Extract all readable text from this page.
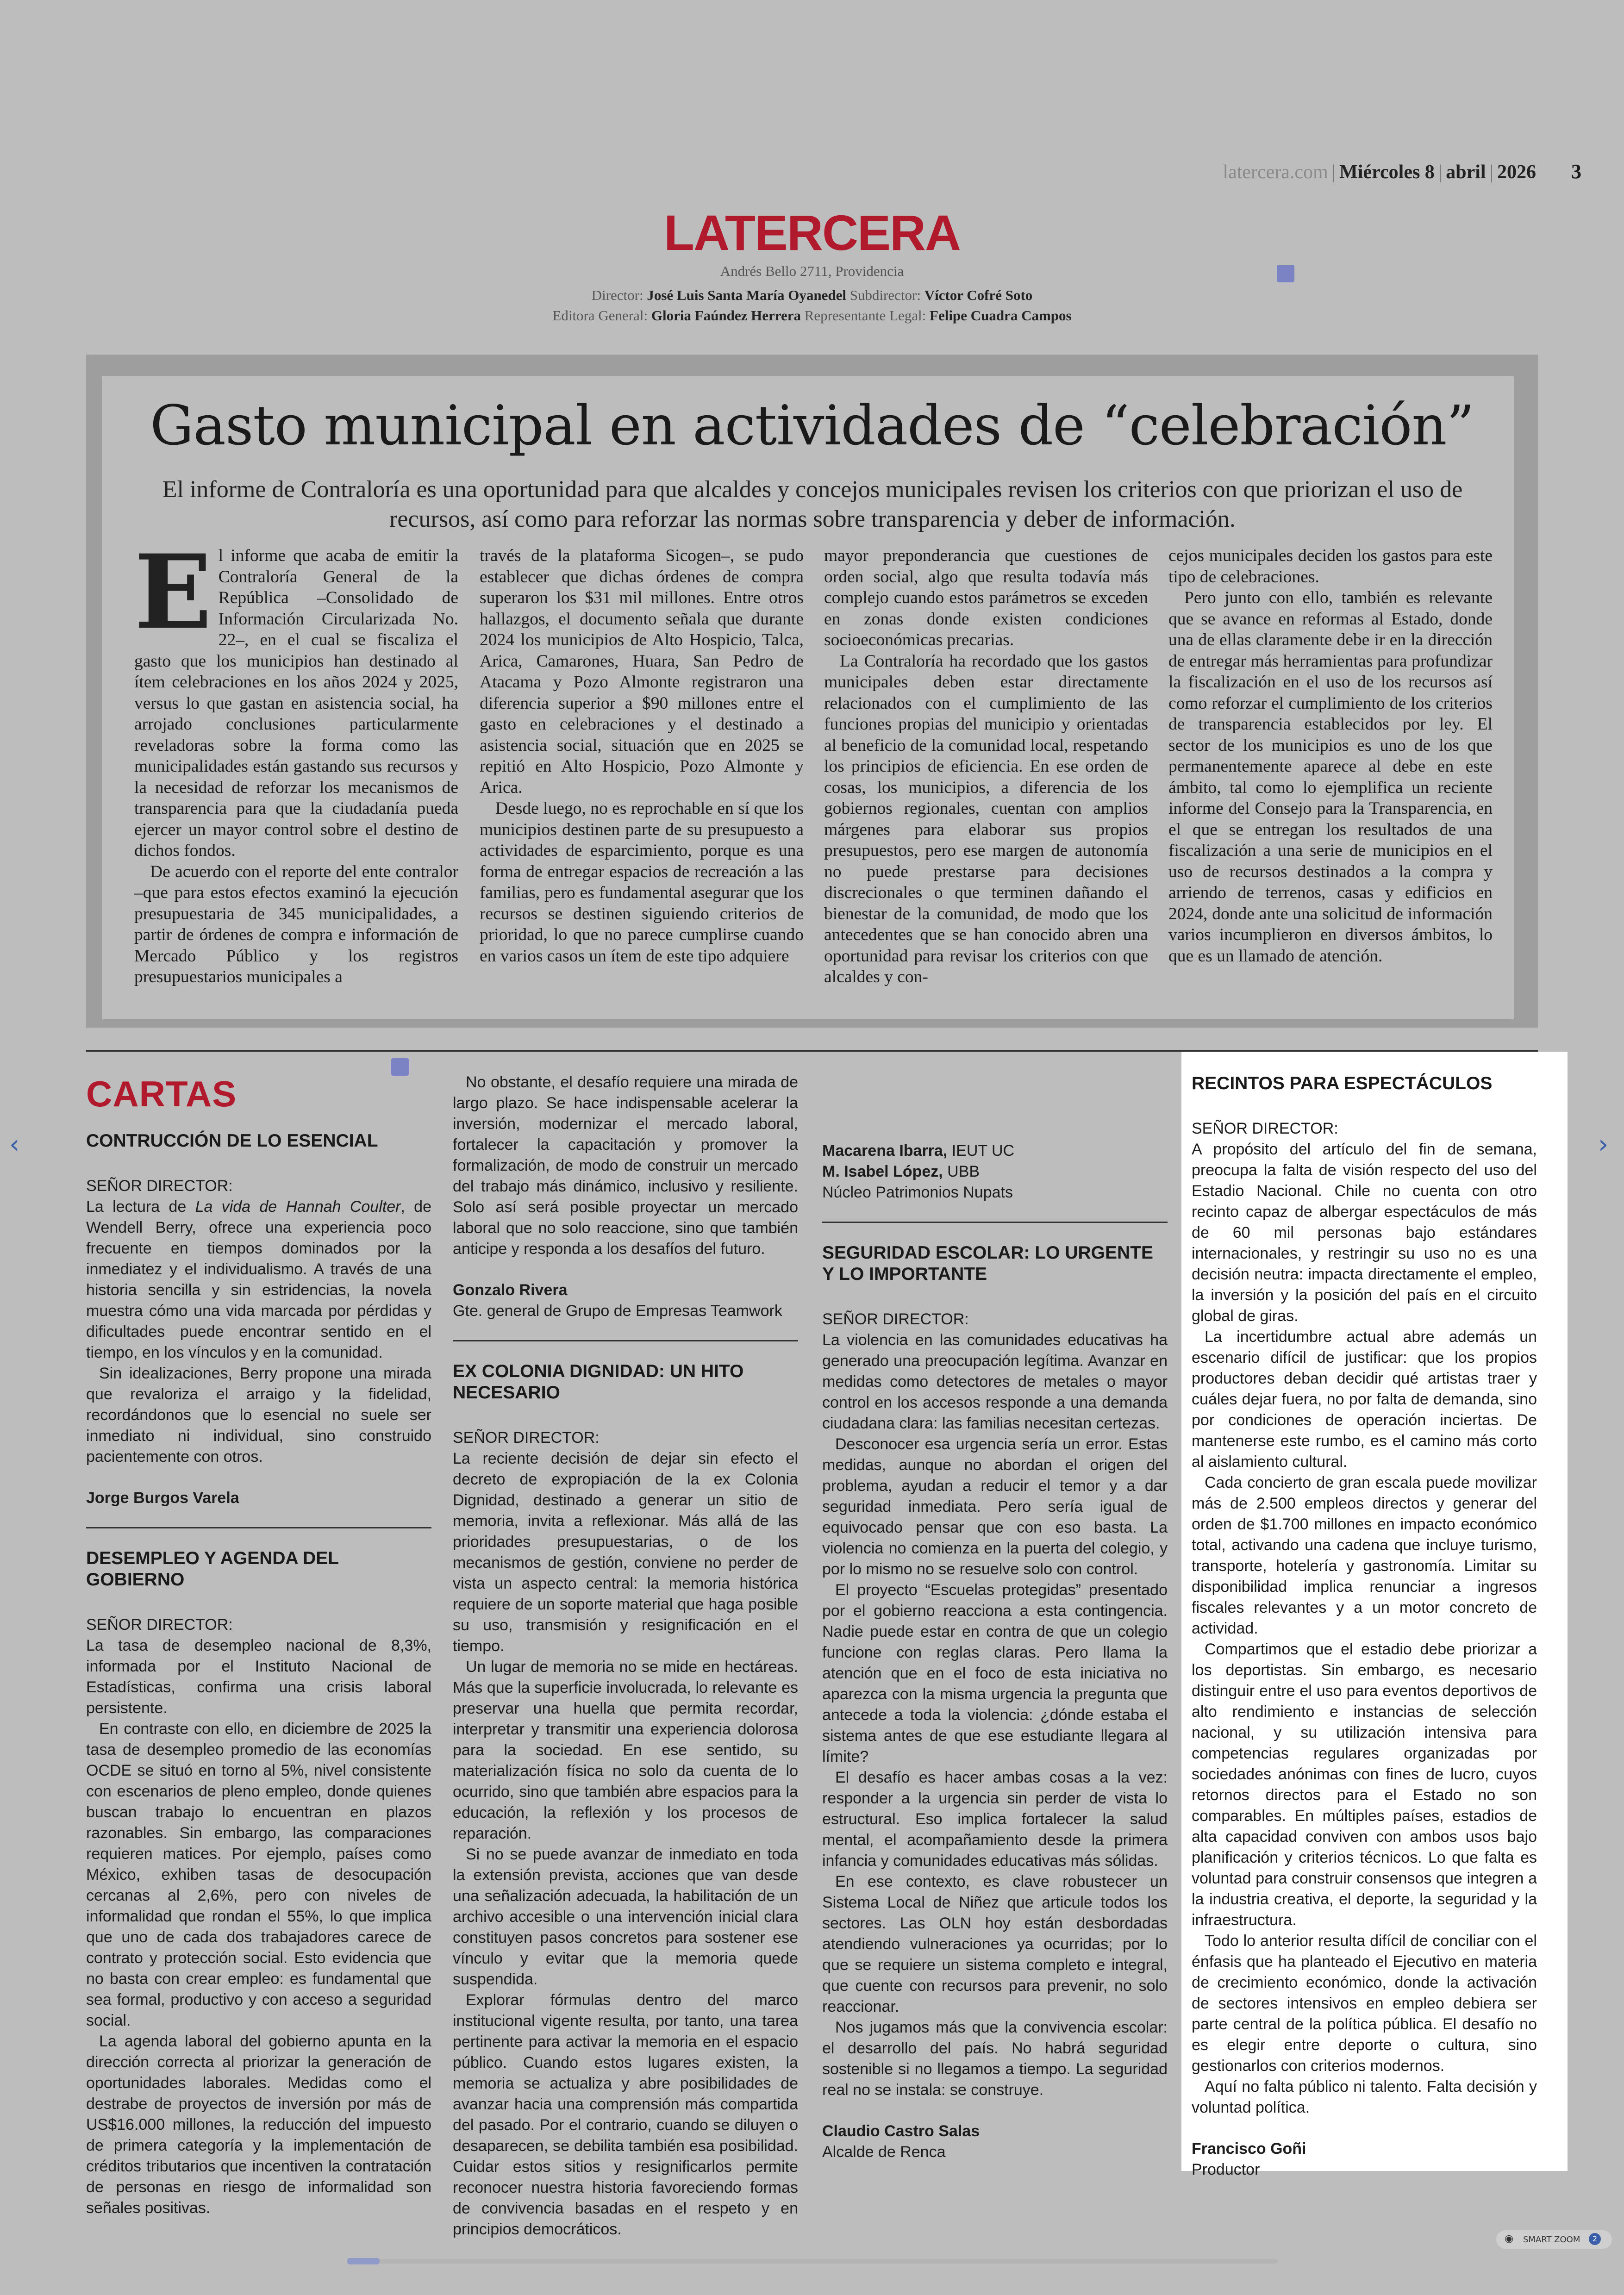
latercera.com | Miércoles 8 | abril | 2026 3
LATERCERA
Andrés Bello 2711, Providencia
Director: José Luis Santa María Oyanedel Subdirector: Víctor Cofré Soto
Editora General: Gloria Faúndez Herrera Representante Legal: Felipe Cuadra Campos
Gasto municipal en actividades de “celebración”
El informe de Contraloría es una oportunidad para que alcaldes y concejos municipales revisen los criterios con que priorizan el uso de recursos, así como para reforzar las normas sobre transparencia y deber de información.

El informe que acaba de emitir la Contraloría General de la República –Consolidado de Información Circularizada No. 22–, en el cual se fiscaliza el gasto que los municipios han destinado al ítem celebraciones en los años 2024 y 2025, versus lo que gastan en asistencia social, ha arrojado conclusiones particularmente reveladoras sobre la forma como las municipalidades están gastando sus recursos y la necesidad de reforzar los mecanismos de transparencia para que la ciudadanía pueda ejercer un mayor control sobre el destino de dichos fondos.

De acuerdo con el reporte del ente contralor –que para estos efectos examinó la ejecución presupuestaria de 345 municipalidades, a partir de órdenes de compra e información de Mercado Público y los registros presupuestarios municipales a

través de la plataforma Sicogen–, se pudo establecer que dichas órdenes de compra superaron los $31 mil millones. Entre otros hallazgos, el documento señala que durante 2024 los municipios de Alto Hospicio, Talca, Arica, Camarones, Huara, San Pedro de Atacama y Pozo Almonte registraron una diferencia superior a $90 millones entre el gasto en celebraciones y el destinado a asistencia social, situación que en 2025 se repitió en Alto Hospicio, Pozo Almonte y Arica.

Desde luego, no es reprochable en sí que los municipios destinen parte de su presupuesto a actividades de esparcimiento, porque es una forma de entregar espacios de recreación a las familias, pero es fundamental asegurar que los recursos se destinen siguiendo criterios de prioridad, lo que no parece cumplirse cuando en varios casos un ítem de este tipo adquiere

mayor preponderancia que cuestiones de orden social, algo que resulta todavía más complejo cuando estos parámetros se exceden en zonas donde existen condiciones socioeconómicas precarias.

La Contraloría ha recordado que los gastos municipales deben estar directamente relacionados con el cumplimiento de las funciones propias del municipio y orientadas al beneficio de la comunidad local, respetando los principios de eficiencia. En ese orden de cosas, los municipios, a diferencia de los gobiernos regionales, cuentan con amplios márgenes para elaborar sus propios presupuestos, pero ese margen de autonomía no puede prestarse para decisiones discrecionales o que terminen dañando el bienestar de la comunidad, de modo que los antecedentes que se han conocido abren una oportunidad para revisar los criterios con que alcaldes y con-

cejos municipales deciden los gastos para este tipo de celebraciones.

Pero junto con ello, también es relevante que se avance en reformas al Estado, donde una de ellas claramente debe ir en la dirección de entregar más herramientas para profundizar la fiscalización en el uso de los recursos así como reforzar el cumplimiento de los criterios de transparencia establecidos por ley. El sector de los municipios es uno de los que permanentemente aparece al debe en este ámbito, tal como lo ejemplifica un reciente informe del Consejo para la Transparencia, en el que se entregan los resultados de una fiscalización a una serie de municipios en el uso de recursos destinados a la compra y arriendo de terrenos, casas y edificios en 2024, donde ante una solicitud de información varios incumplieron en diversos ámbitos, lo que es un llamado de atención.

CARTAS
CONTRUCCIÓN DE LO ESENCIAL
SEÑOR DIRECTOR:

La lectura de La vida de Hannah Coulter, de Wendell Berry, ofrece una experiencia poco frecuente en tiempos dominados por la inmediatez y el individualismo. A través de una historia sencilla y sin estridencias, la novela muestra cómo una vida marcada por pérdidas y dificultades puede encontrar sentido en el tiempo, en los vínculos y en la comunidad.

Sin idealizaciones, Berry propone una mirada que revaloriza el arraigo y la fidelidad, recordándonos que lo esencial no suele ser inmediato ni individual, sino construido pacientemente con otros.

Jorge Burgos Varela
DESEMPLEO Y AGENDA DEL GOBIERNO
SEÑOR DIRECTOR:

La tasa de desempleo nacional de 8,3%, informada por el Instituto Nacional de Estadísticas, confirma una crisis laboral persistente.

En contraste con ello, en diciembre de 2025 la tasa de desempleo promedio de las economías OCDE se situó en torno al 5%, nivel consistente con escenarios de pleno empleo, donde quienes buscan trabajo lo encuentran en plazos razonables. Sin embargo, las comparaciones requieren matices. Por ejemplo, países como México, exhiben tasas de desocupación cercanas al 2,6%, pero con niveles de informalidad que rondan el 55%, lo que implica que uno de cada dos trabajadores carece de contrato y protección social. Esto evidencia que no basta con crear empleo: es fundamental que sea formal, productivo y con acceso a seguridad social.

La agenda laboral del gobierno apunta en la dirección correcta al priorizar la generación de oportunidades laborales. Medidas como el destrabe de proyectos de inversión por más de US$16.000 millones, la reducción del impuesto de primera categoría y la implementación de créditos tributarios que incentiven la contratación de personas en riesgo de informalidad son señales positivas.

No obstante, el desafío requiere una mirada de largo plazo. Se hace indispensable acelerar la inversión, modernizar el mercado laboral, fortalecer la capacitación y promover la formalización, de modo de construir un mercado del trabajo más dinámico, inclusivo y resiliente. Solo así será posible proyectar un mercado laboral que no solo reaccione, sino que también anticipe y responda a los desafíos del futuro.

Gonzalo Rivera
Gte. general de Grupo de Empresas Teamwork
EX COLONIA DIGNIDAD: UN HITO NECESARIO
SEÑOR DIRECTOR:

La reciente decisión de dejar sin efecto el decreto de expropiación de la ex Colonia Dignidad, destinado a generar un sitio de memoria, invita a reflexionar. Más allá de las prioridades presupuestarias, o de los mecanismos de gestión, conviene no perder de vista un aspecto central: la memoria histórica requiere de un soporte material que haga posible su uso, transmisión y resignificación en el tiempo.

Un lugar de memoria no se mide en hectáreas. Más que la superficie involucrada, lo relevante es preservar una huella que permita recordar, interpretar y transmitir una experiencia dolorosa para la sociedad. En ese sentido, su materialización física no solo da cuenta de lo ocurrido, sino que también abre espacios para la educación, la reflexión y los procesos de reparación.

Si no se puede avanzar de inmediato en toda la extensión prevista, acciones que van desde una señalización adecuada, la habilitación de un archivo accesible o una intervención inicial clara constituyen pasos concretos para sostener ese vínculo y evitar que la memoria quede suspendida.

Explorar fórmulas dentro del marco institucional vigente resulta, por tanto, una tarea pertinente para activar la memoria en el espacio público. Cuando estos lugares existen, la memoria se actualiza y abre posibilidades de avanzar hacia una comprensión más compartida del pasado. Por el contrario, cuando se diluyen o desaparecen, se debilita también esa posibilidad. Cuidar estos sitios y resignificarlos permite reconocer nuestra historia favoreciendo formas de convivencia basadas en el respeto y en principios democráticos.

Macarena Ibarra, IEUT UC
M. Isabel López, UBB
Núcleo Patrimonios Nupats
SEGURIDAD ESCOLAR: LO URGENTE Y LO IMPORTANTE
SEÑOR DIRECTOR:

La violencia en las comunidades educativas ha generado una preocupación legítima. Avanzar en medidas como detectores de metales o mayor control en los accesos responde a una demanda ciudadana clara: las familias necesitan certezas.

Desconocer esa urgencia sería un error. Estas medidas, aunque no abordan el origen del problema, ayudan a reducir el temor y a dar seguridad inmediata. Pero sería igual de equivocado pensar que con eso basta. La violencia no comienza en la puerta del colegio, y por lo mismo no se resuelve solo con control.

El proyecto “Escuelas protegidas” presentado por el gobierno reacciona a esta contingencia. Nadie puede estar en contra de que un colegio funcione con reglas claras. Pero llama la atención que en el foco de esta iniciativa no aparezca con la misma urgencia la pregunta que antecede a toda la violencia: ¿dónde estaba el sistema antes de que ese estudiante llegara al límite?

El desafío es hacer ambas cosas a la vez: responder a la urgencia sin perder de vista lo estructural. Eso implica fortalecer la salud mental, el acompañamiento desde la primera infancia y comunidades educativas más sólidas.

En ese contexto, es clave robustecer un Sistema Local de Niñez que articule todos los sectores. Las OLN hoy están desbordadas atendiendo vulneraciones ya ocurridas; por lo que se requiere un sistema completo e integral, que cuente con recursos para prevenir, no solo reaccionar.

Nos jugamos más que la convivencia escolar: el desarrollo del país. No habrá seguridad sostenible si no llegamos a tiempo. La seguridad real no se instala: se construye.

Claudio Castro Salas
Alcalde de Renca
RECINTOS PARA ESPECTÁCULOS
SEÑOR DIRECTOR:

A propósito del artículo del fin de semana, preocupa la falta de visión respecto del uso del Estadio Nacional. Chile no cuenta con otro recinto capaz de albergar espectáculos de más de 60 mil personas bajo estándares internacionales, y restringir su uso no es una decisión neutra: impacta directamente el empleo, la inversión y la posición del país en el circuito global de giras.

La incertidumbre actual abre además un escenario difícil de justificar: que los propios productores deban decidir qué artistas traer y cuáles dejar fuera, no por falta de demanda, sino por condiciones de operación inciertas. De mantenerse este rumbo, es el camino más corto al aislamiento cultural.

Cada concierto de gran escala puede movilizar más de 2.500 empleos directos y generar del orden de $1.700 millones en impacto económico total, activando una cadena que incluye turismo, transporte, hotelería y gastronomía. Limitar su disponibilidad implica renunciar a ingresos fiscales relevantes y a un motor concreto de actividad.

Compartimos que el estadio debe priorizar a los deportistas. Sin embargo, es necesario distinguir entre el uso para eventos deportivos de alto rendimiento e instancias de selección nacional, y su utilización intensiva para competencias regulares organizadas por sociedades anónimas con fines de lucro, cuyos retornos directos para el Estado no son comparables. En múltiples países, estadios de alta capacidad conviven con ambos usos bajo planificación y criterios técnicos. Lo que falta es voluntad para construir consensos que integren a la industria creativa, el deporte, la seguridad y la infraestructura.

Todo lo anterior resulta difícil de conciliar con el énfasis que ha planteado el Ejecutivo en materia de crecimiento económico, donde la activación de sectores intensivos en empleo debiera ser parte central de la política pública. El desafío no es elegir entre deporte o cultura, sino gestionarlos con criterios modernos.

Aquí no falta público ni talento. Falta decisión y voluntad política.

Francisco Goñi
Productor
‹	›
◉ SMART ZOOM	2
